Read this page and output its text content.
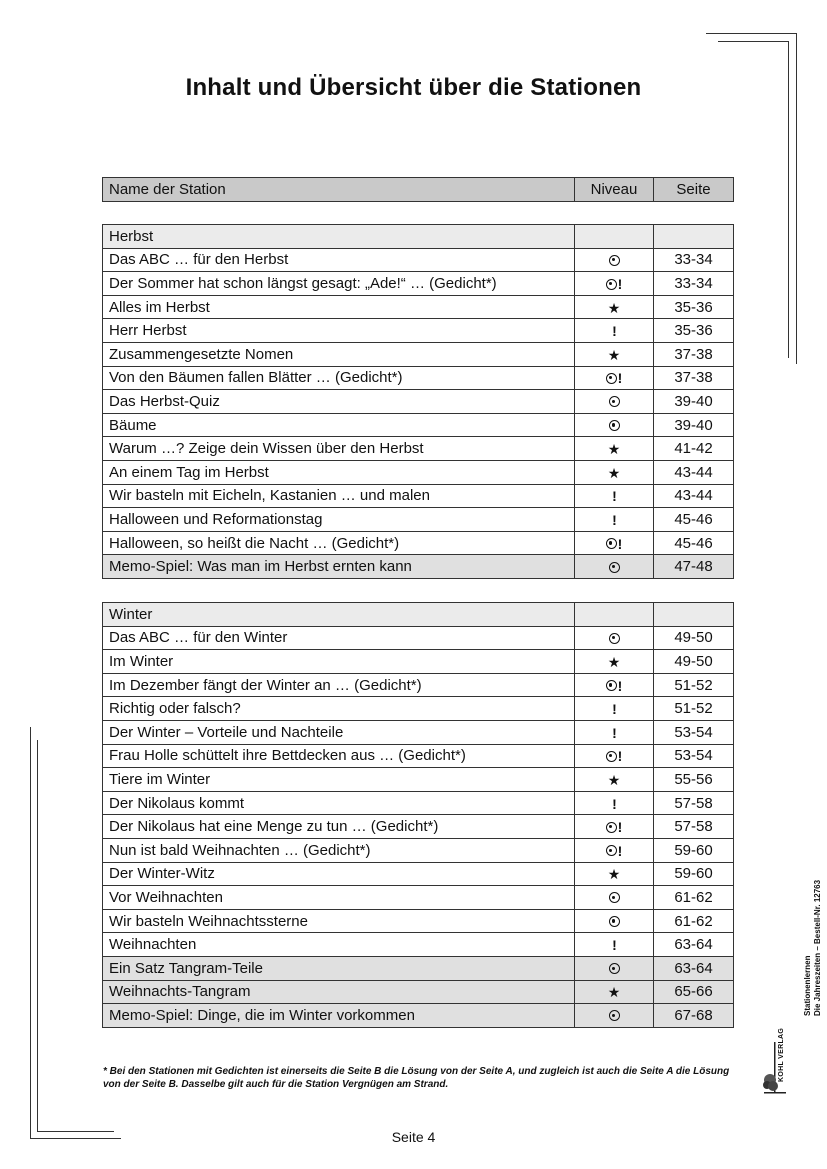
Inhalt und Übersicht über die Stationen
Name der Station	Niveau	Seite
Herbst		
Das ABC … für den Herbst		33-34
Der Sommer hat schon längst gesagt: „Ade!“ … (Gedicht*)	!	33-34
Alles im Herbst	★	35-36
Herr Herbst	!	35-36
Zusammengesetzte Nomen	★	37-38
Von den Bäumen fallen Blätter … (Gedicht*)	!	37-38
Das Herbst-Quiz		39-40
Bäume		39-40
Warum …? Zeige dein Wissen über den Herbst	★	41-42
An einem Tag im Herbst	★	43-44
Wir basteln mit Eicheln, Kastanien … und malen	!	43-44
Halloween und Reformationstag	!	45-46
Halloween, so heißt die Nacht … (Gedicht*)	!	45-46
Memo-Spiel: Was man im Herbst ernten kann		47-48
Winter		
Das ABC … für den Winter		49-50
Im Winter	★	49-50
Im Dezember fängt der Winter an … (Gedicht*)	!	51-52
Richtig oder falsch?	!	51-52
Der Winter – Vorteile und Nachteile	!	53-54
Frau Holle schüttelt ihre Bettdecken aus … (Gedicht*)	!	53-54
Tiere im Winter	★	55-56
Der Nikolaus kommt	!	57-58
Der Nikolaus hat eine Menge zu tun … (Gedicht*)	!	57-58
Nun ist bald Weihnachten … (Gedicht*)	!	59-60
Der Winter-Witz	★	59-60
Vor Weihnachten		61-62
Wir basteln Weihnachtssterne		61-62
Weihnachten	!	63-64
Ein Satz Tangram-Teile		63-64
Weihnachts-Tangram	★	65-66
Memo-Spiel: Dinge, die im Winter vorkommen		67-68

* Bei den Stationen mit Gedichten ist einerseits die Seite B die Lösung von der Seite A, und zugleich ist auch die Seite A die Lösung von der Seite B. Dasselbe gilt auch für die Station Vergnügen am Strand.

Seite 4
Stationenlernen Die Jahreszeiten – Bestell-Nr. 12763
KOHL VERLAG
